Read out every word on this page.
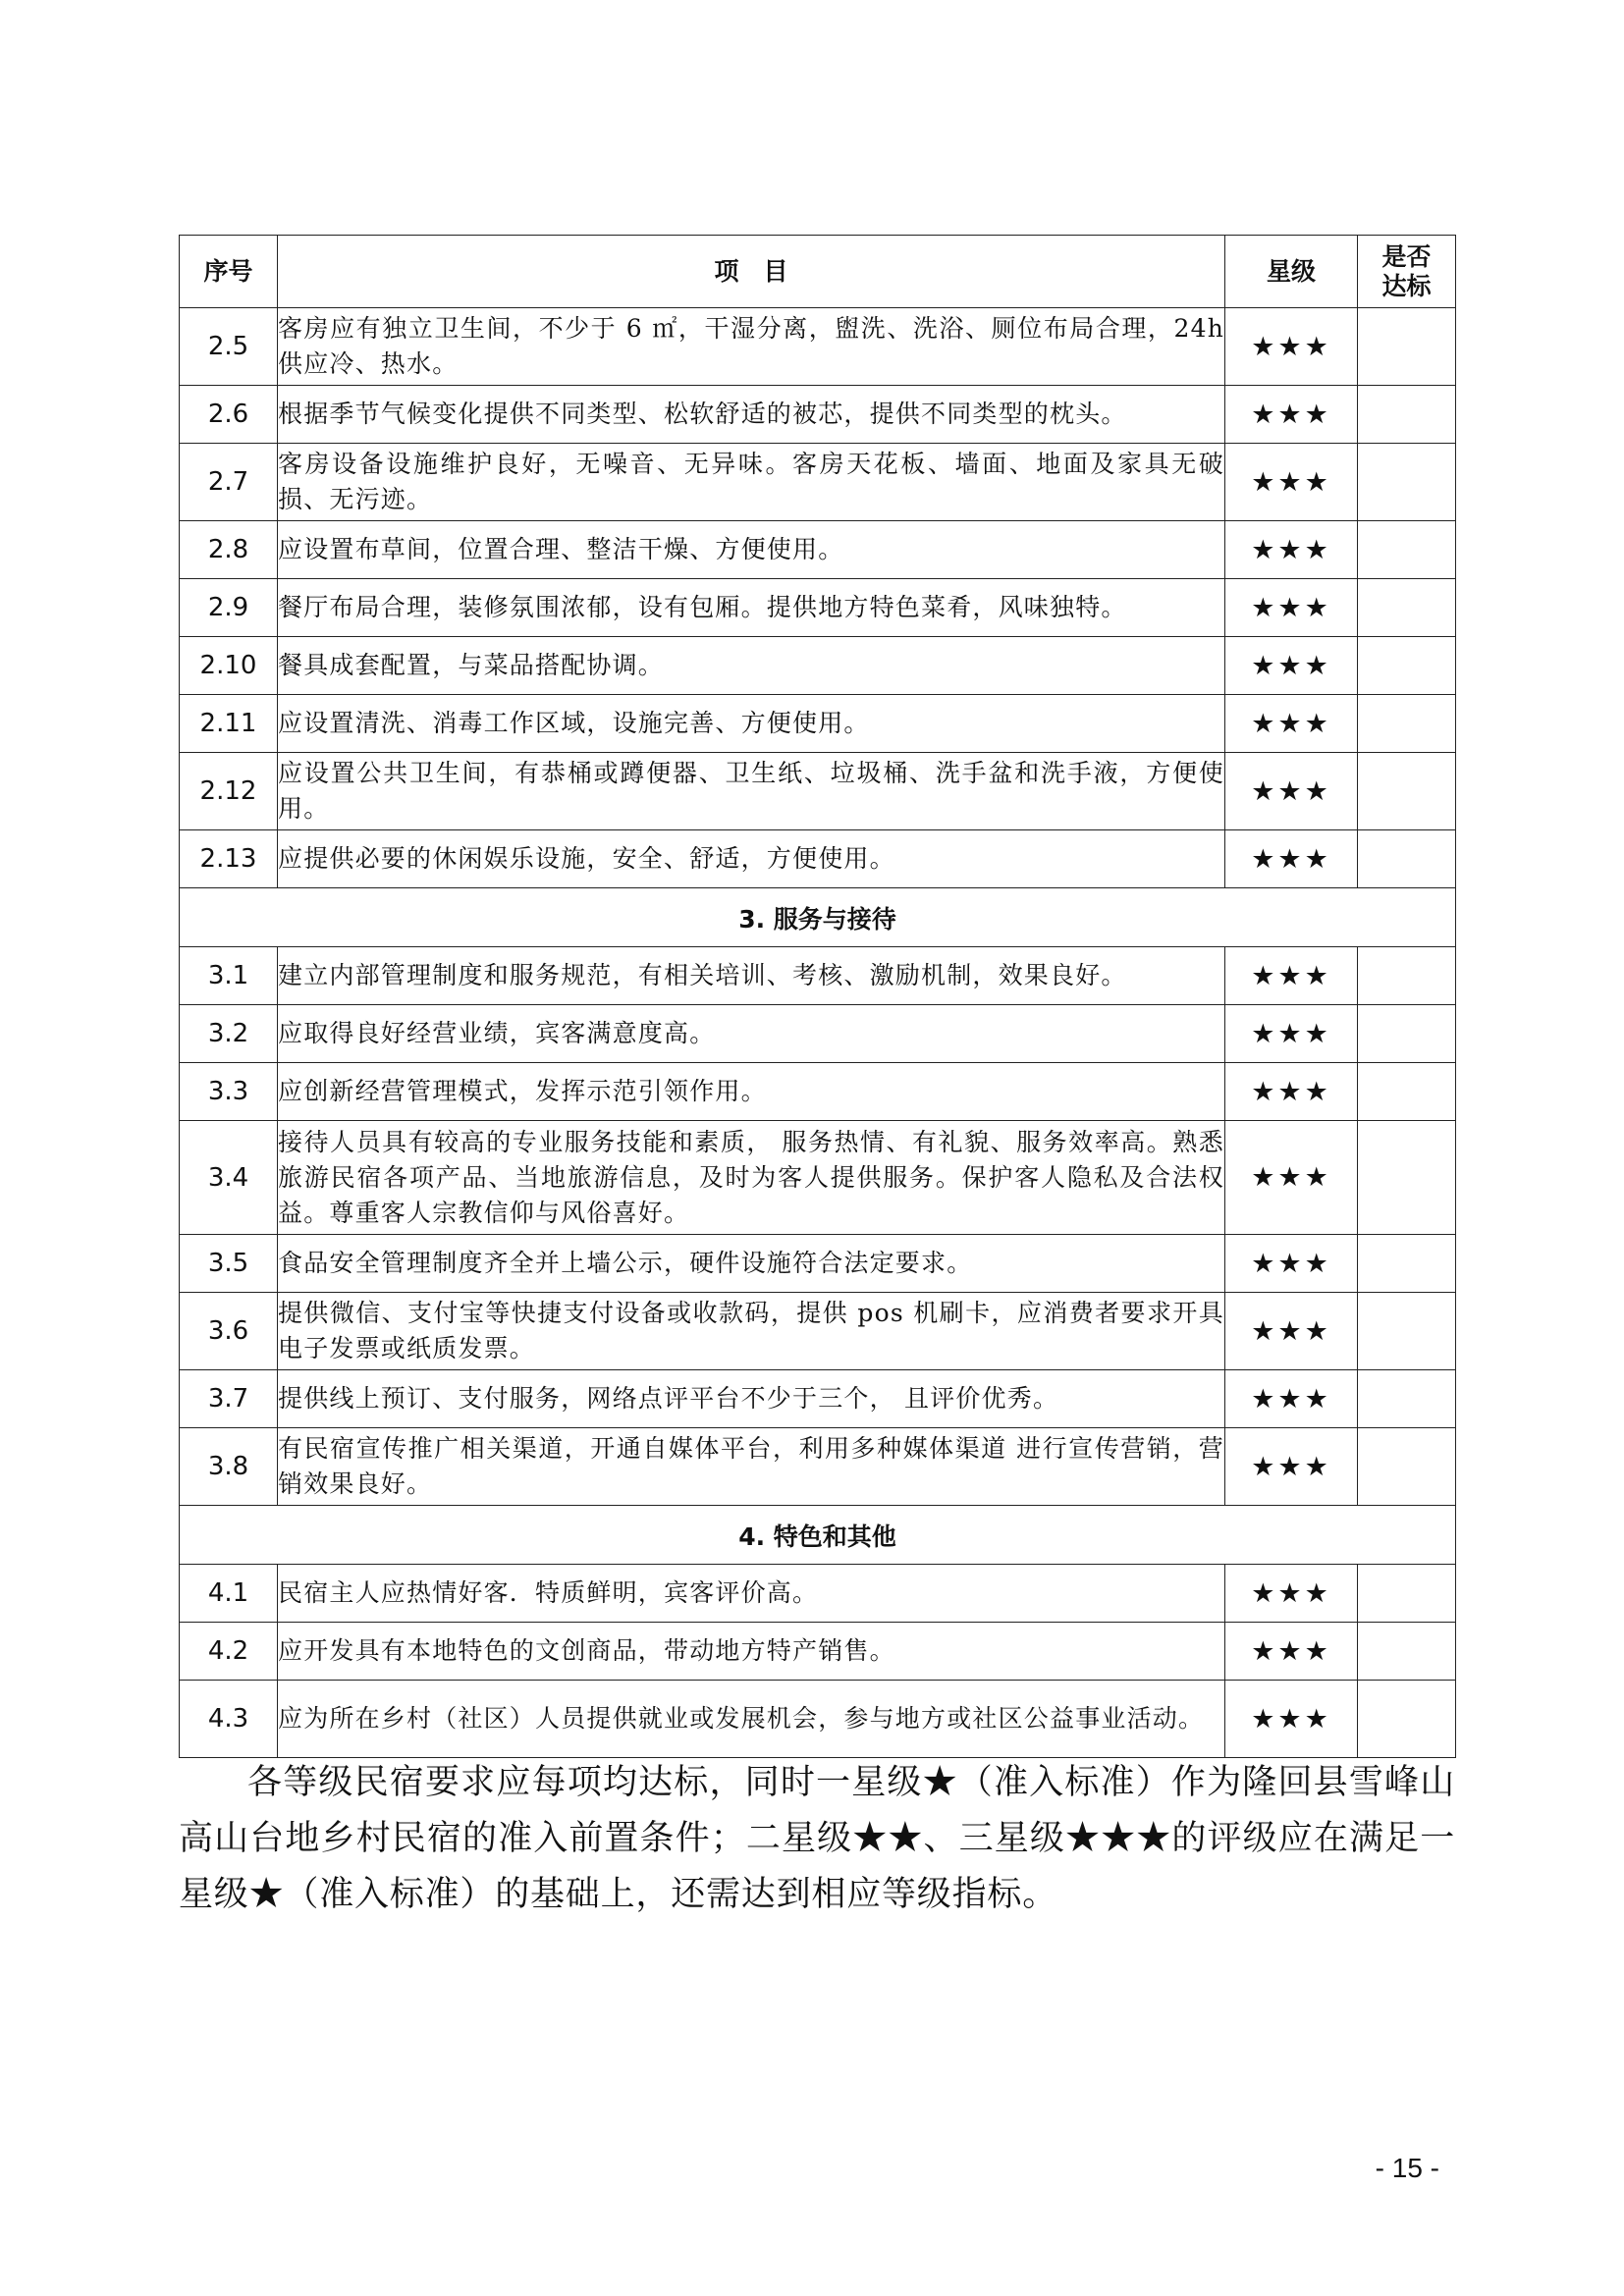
序号	项　目	星级	是否
达标

2.5	客房应有独立卫生间，不少于 6 ㎡，干湿分离，盥洗、洗浴、厕位布局合理，24h 供应冷、热水。	★★★	
2.6	根据季节气候变化提供不同类型、松软舒适的被芯，提供不同类型的枕头。	★★★	
2.7	客房设备设施维护良好，无噪音、无异味。客房天花板、墙面、地面及家具无破损、无污迹。	★★★	
2.8	应设置布草间，位置合理、整洁干燥、方便使用。	★★★	
2.9	餐厅布局合理，装修氛围浓郁，设有包厢。提供地方特色菜肴，风味独特。	★★★	
2.10	餐具成套配置，与菜品搭配协调。	★★★	
2.11	应设置清洗、消毒工作区域，设施完善、方便使用。	★★★	
2.12	应设置公共卫生间，有恭桶或蹲便器、卫生纸、垃圾桶、洗手盆和洗手液，方便使用。	★★★	
2.13	应提供必要的休闲娱乐设施，安全、舒适，方便使用。	★★★	
3. 服务与接待			
3.1	建立内部管理制度和服务规范，有相关培训、考核、激励机制，效果良好。	★★★	
3.2	应取得良好经营业绩，宾客满意度高。	★★★	
3.3	应创新经营管理模式，发挥示范引领作用。	★★★	
3.4	接待人员具有较高的专业服务技能和素质， 服务热情、有礼貌、服务效率高。熟悉旅游民宿各项产品、当地旅游信息，及时为客人提供服务。保护客人隐私及合法权益。尊重客人宗教信仰与风俗喜好。	★★★	
3.5	食品安全管理制度齐全并上墙公示，硬件设施符合法定要求。	★★★	
3.6	提供微信、支付宝等快捷支付设备或收款码，提供 pos 机刷卡，应消费者要求开具电子发票或纸质发票。	★★★	
3.7	提供线上预订、支付服务，网络点评平台不少于三个， 且评价优秀。	★★★	
3.8	有民宿宣传推广相关渠道，开通自媒体平台，利用多种媒体渠道 进行宣传营销，营销效果良好。	★★★	
4. 特色和其他			
4.1	民宿主人应热情好客．特质鲜明，宾客评价高。	★★★	
4.2	应开发具有本地特色的文创商品，带动地方特产销售。	★★★	
4.3	应为所在乡村（社区）人员提供就业或发展机会，参与地方或社区公益事业活动。	★★★	

各等级民宿要求应每项均达标，同时一星级★（准入标准）作为隆回县雪峰山高山台地乡村民宿的准入前置条件；二星级★★、三星级★★★的评级应在满足一星级★（准入标准）的基础上，还需达到相应等级指标。

- 15 -
